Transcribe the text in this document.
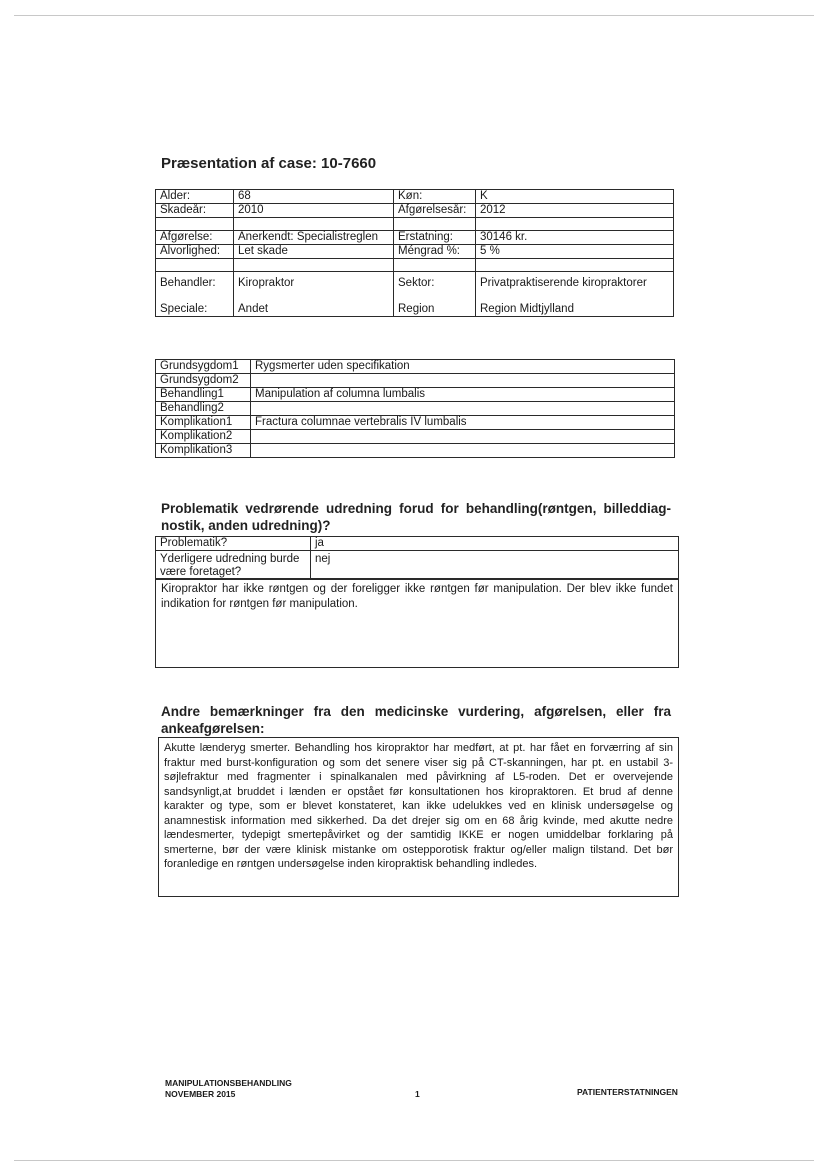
Præsentation af case: 10-7660
Alder:	68	Køn:	K
Skadeår:	2010	Afgørelsesår:	2012

Afgørelse:	Anerkendt: Specialistreglen	Erstatning:	30146 kr.
Alvorlighed:	Let skade	Méngrad %:	5 %

Behandler:	Kiropraktor	Sektor:	Privatpraktiserende kiropraktorer
Speciale:	Andet	Region	Region Midtjylland
Grundsygdom1	Rygsmerter uden specifikation
Grundsygdom2	
Behandling1	Manipulation af columna lumbalis
Behandling2	
Komplikation1	Fractura columnae vertebralis IV lumbalis
Komplikation2	
Komplikation3	
Problematik vedrørende udredning forud for behandling(røntgen, billeddiag-nostik, anden udredning)?
Problematik?	ja
Yderligere udredning burde være foretaget?	nej
Kiropraktor har ikke røntgen og der foreligger ikke røntgen før manipulation. Der blev ikke fundet indikation for røntgen før manipulation.
Andre bemærkninger fra den medicinske vurdering, afgørelsen, eller fra ankeafgørelsen:
Akutte lænderyg smerter. Behandling hos kiropraktor har medført, at pt. har fået en forværring af sin fraktur med burst-konfiguration og som det senere viser sig på CT-skanningen, har pt. en ustabil 3-søjlefraktur med fragmenter i spinalkanalen med påvirkning af L5-roden. Det er overvejende sandsynligt,at bruddet i lænden er opstået før konsultationen hos kiropraktoren. Et brud af denne karakter og type, som er blevet konstateret, kan ikke udelukkes ved en klinisk undersøgelse og anamnestisk information med sikkerhed. Da det drejer sig om en 68 årig kvinde, med akutte nedre lændesmerter, tydepigt smertepåvirket og der samtidig IKKE er nogen umiddelbar forklaring på smerterne, bør der være klinisk mistanke om ostepporotisk fraktur og/eller malign tilstand. Det bør foranledige en røntgen undersøgelse inden kiropraktisk behandling indledes.
MANIPULATIONSBEHANDLING
NOVEMBER 2015	1	PATIENTERSTATNINGEN
